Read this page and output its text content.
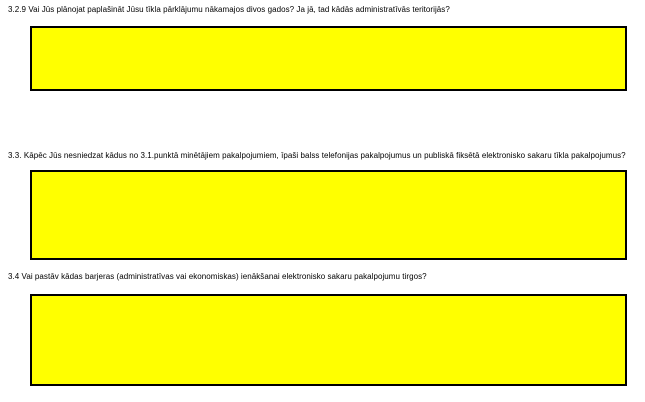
3.2.9 Vai Jūs plānojat paplašināt Jūsu tīkla pārklājumu nākamajos divos gados? Ja jā, tad kādās administratīvās teritorijās?
3.3. Kāpēc Jūs nesniedzat kādus no 3.1.punktā minētājiem pakalpojumiem, īpaši balss telefonijas pakalpojumus un publiskā fiksētā elektronisko sakaru tīkla pakalpojumus?
3.4 Vai pastāv kādas barjeras (administratīvas vai ekonomiskas) ienākšanai elektronisko sakaru pakalpojumu tirgos?
